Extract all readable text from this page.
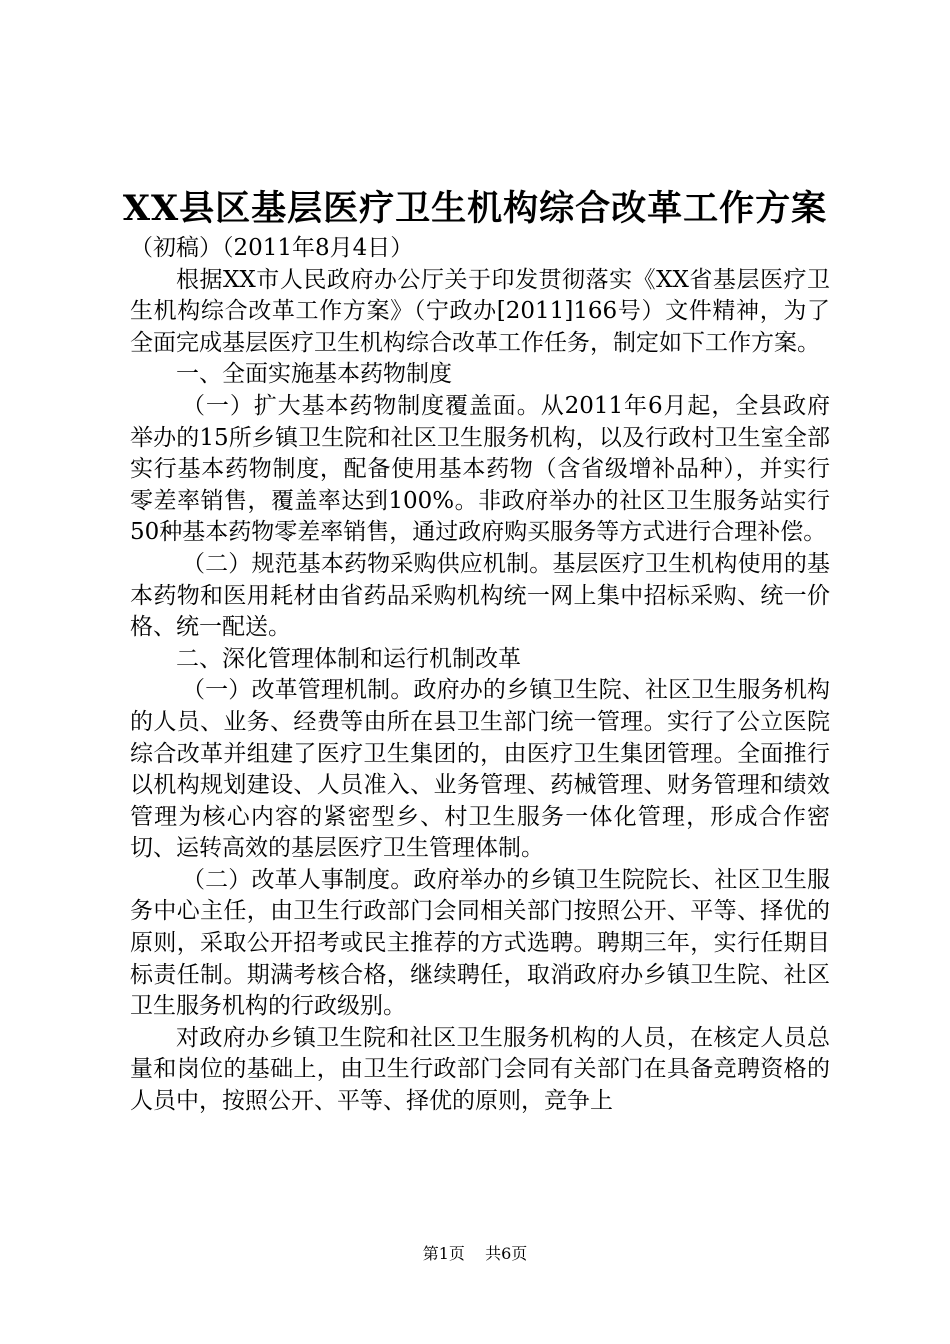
XX县区基层医疗卫生机构综合改革工作方案

（初稿）（2011年8月4日）

根据XX市人民政府办公厅关于印发贯彻落实《XX省基层医疗卫生机构综合改革工作方案》（宁政办[2011]166号）文件精神，为了全面完成基层医疗卫生机构综合改革工作任务，制定如下工作方案。

一、全面实施基本药物制度

（一）扩大基本药物制度覆盖面。从2011年6月起，全县政府举办的15所乡镇卫生院和社区卫生服务机构，以及行政村卫生室全部实行基本药物制度，配备使用基本药物（含省级增补品种），并实行零差率销售，覆盖率达到100%。非政府举办的社区卫生服务站实行50种基本药物零差率销售，通过政府购买服务等方式进行合理补偿。

（二）规范基本药物采购供应机制。基层医疗卫生机构使用的基本药物和医用耗材由省药品采购机构统一网上集中招标采购、统一价格、统一配送。

二、深化管理体制和运行机制改革

（一）改革管理机制。政府办的乡镇卫生院、社区卫生服务机构的人员、业务、经费等由所在县卫生部门统一管理。实行了公立医院综合改革并组建了医疗卫生集团的，由医疗卫生集团管理。全面推行以机构规划建设、人员准入、业务管理、药械管理、财务管理和绩效管理为核心内容的紧密型乡、村卫生服务一体化管理，形成合作密切、运转高效的基层医疗卫生管理体制。

（二）改革人事制度。政府举办的乡镇卫生院院长、社区卫生服务中心主任，由卫生行政部门会同相关部门按照公开、平等、择优的原则，采取公开招考或民主推荐的方式选聘。聘期三年，实行任期目标责任制。期满考核合格，继续聘任，取消政府办乡镇卫生院、社区卫生服务机构的行政级别。

对政府办乡镇卫生院和社区卫生服务机构的人员，在核定人员总量和岗位的基础上，由卫生行政部门会同有关部门在具备竞聘资格的人员中，按照公开、平等、择优的原则，竞争上

第1页 共6页
